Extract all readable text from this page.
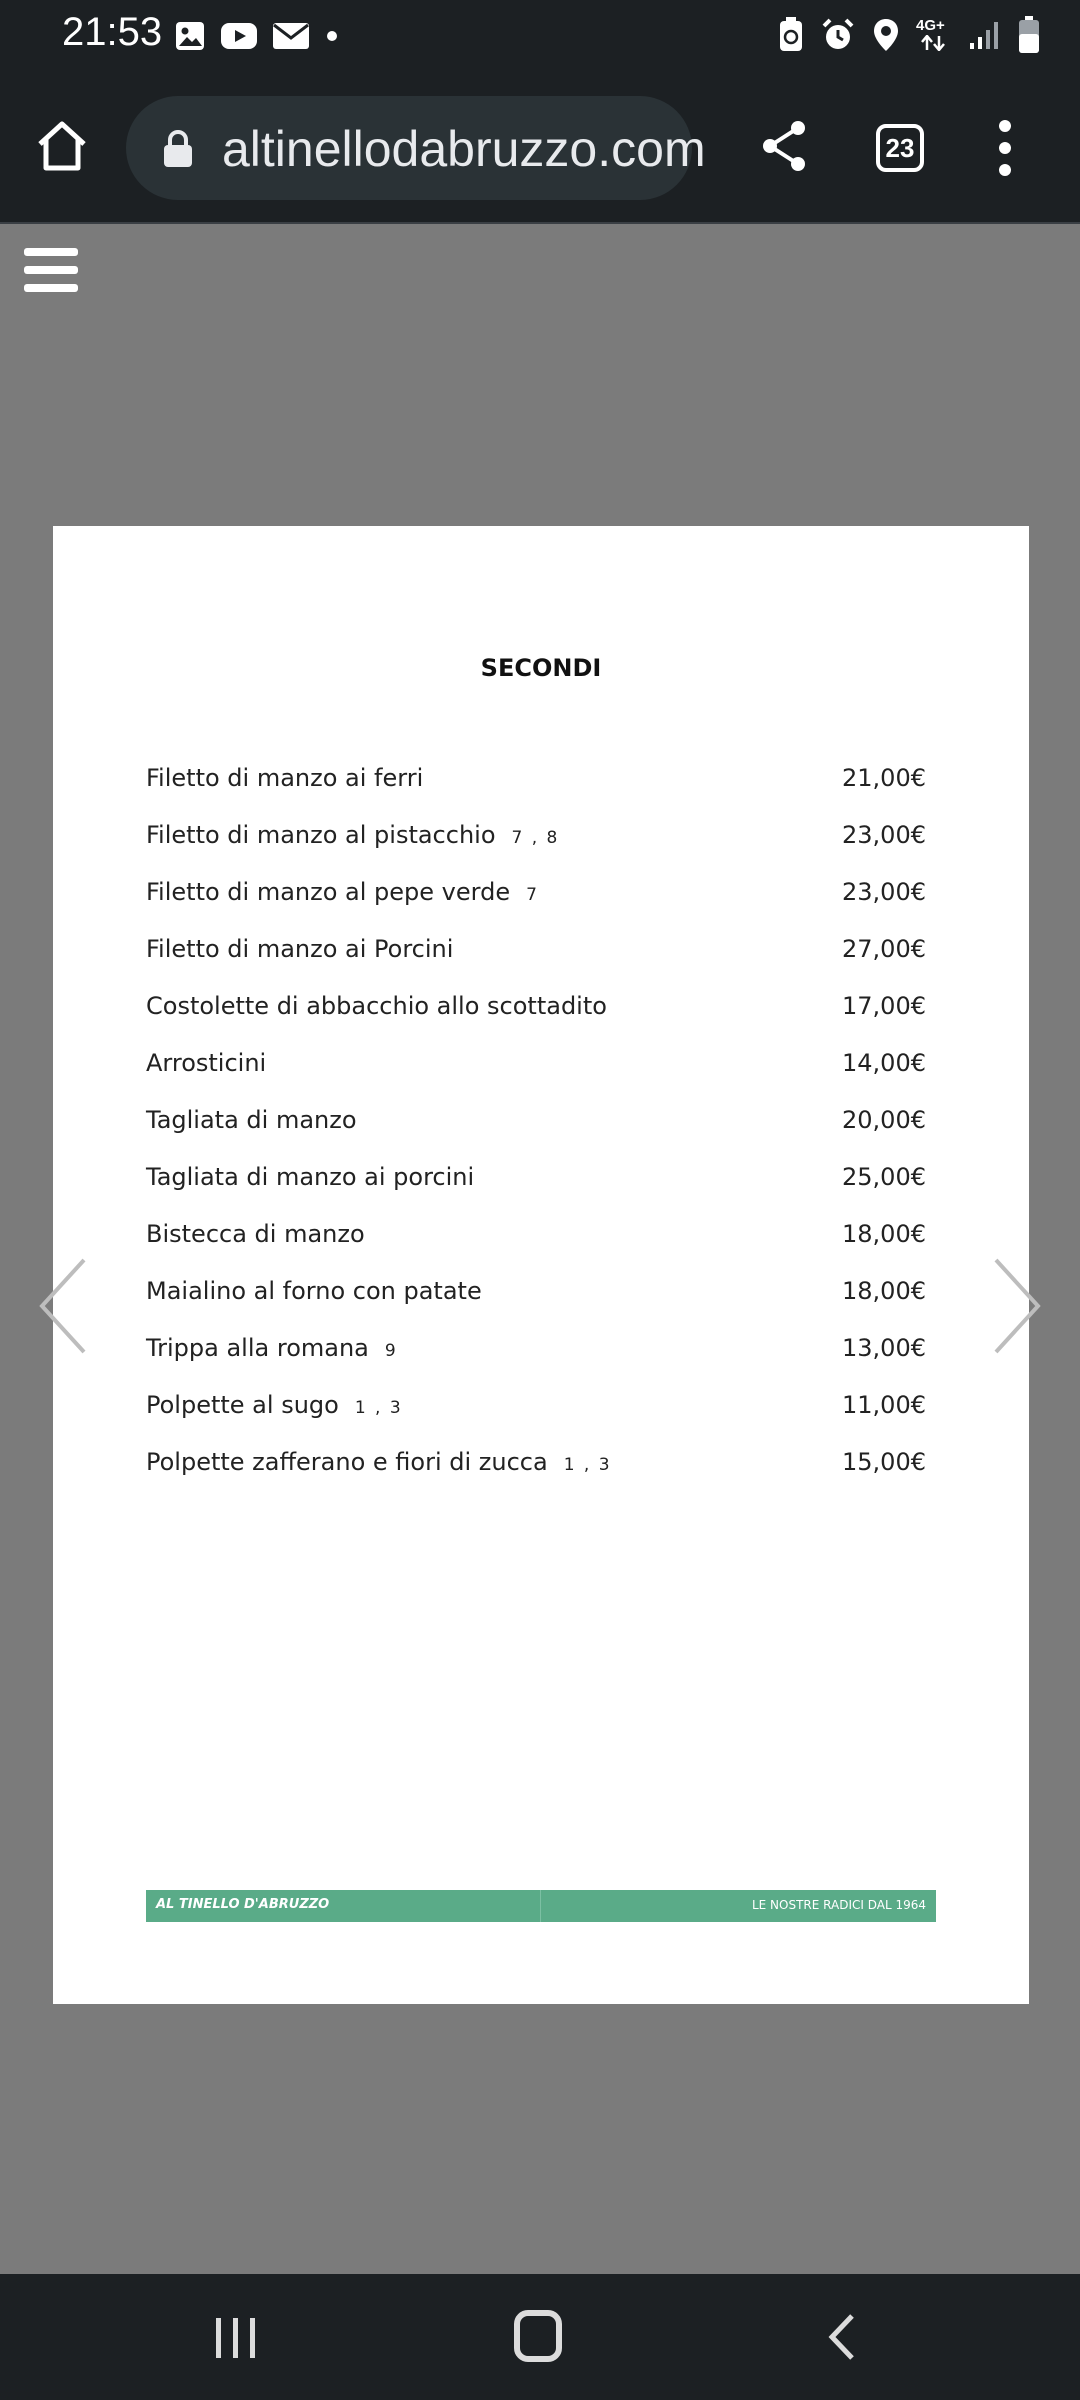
21:53	4G+
altinellodabruzzo.com	23
SECONDI
Filetto di manzo ai ferri	21,00€
Filetto di manzo al pistacchio 7 , 8	23,00€
Filetto di manzo al pepe verde 7	23,00€
Filetto di manzo ai Porcini	27,00€
Costolette di abbacchio allo scottadito	17,00€
Arrosticini	14,00€
Tagliata di manzo	20,00€
Tagliata di manzo ai porcini	25,00€
Bistecca di manzo	18,00€
Maialino al forno con patate	18,00€
Trippa alla romana 9	13,00€
Polpette al sugo 1 , 3	11,00€
Polpette zafferano e fiori di zucca 1 , 3	15,00€
AL TINELLO D'ABRUZZO	LE NOSTRE RADICI DAL 1964
